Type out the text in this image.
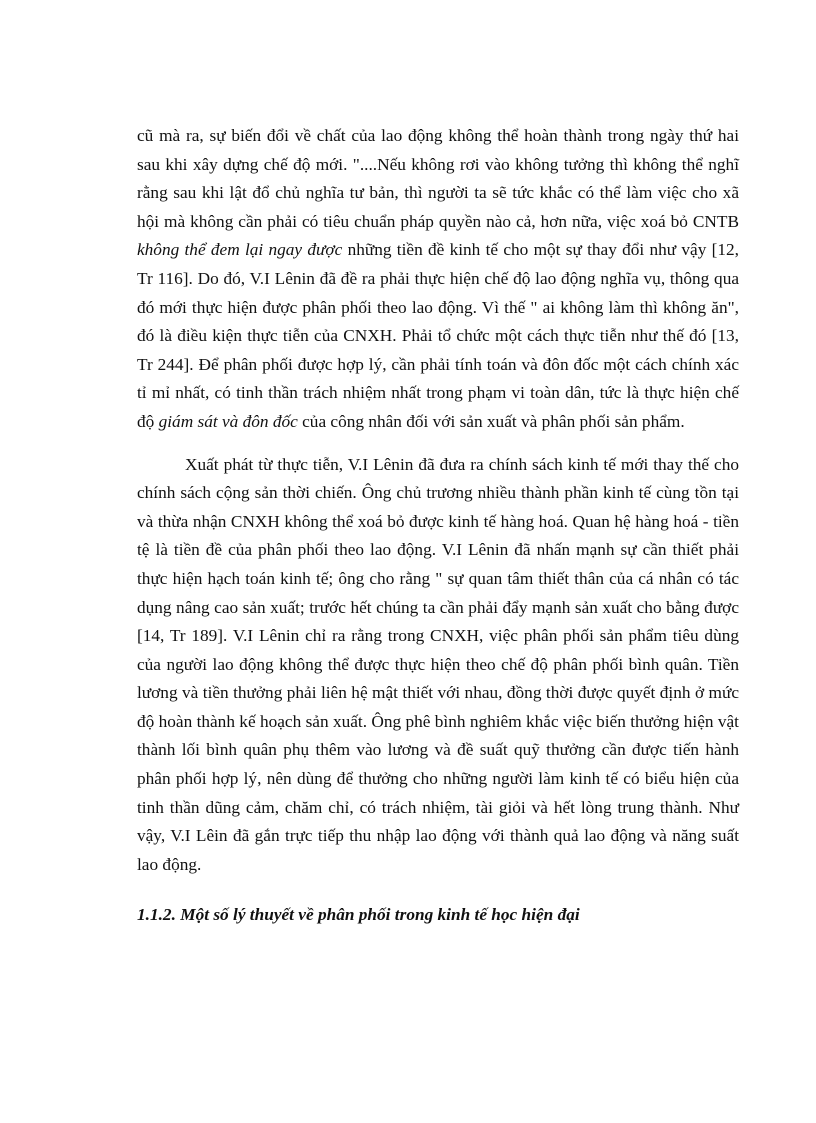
cũ mà ra, sự biến đổi về chất của lao động không thể hoàn thành trong ngày thứ hai sau khi xây dựng chế độ mới. "....Nếu không rơi vào không tưởng thì không thể nghĩ rằng sau khi lật đổ chủ nghĩa tư bản, thì người ta sẽ tức khắc có thể làm việc cho xã hội mà không cần phải có tiêu chuẩn pháp quyền nào cả, hơn nữa, việc xoá bỏ CNTB không thể đem lại ngay được những tiền đề kinh tế cho một sự thay đổi như vậy [12, Tr 116]. Do đó, V.I Lênin đã đề ra phải thực hiện chế độ lao động nghĩa vụ, thông qua đó mới thực hiện được phân phối theo lao động. Vì thế " ai không làm thì không ăn", đó là điều kiện thực tiễn của CNXH. Phải tổ chức một cách thực tiễn như thế đó [13, Tr 244]. Để phân phối được hợp lý, cần phải tính toán và đôn đốc một cách chính xác tỉ mỉ nhất, có tinh thần trách nhiệm nhất trong phạm vi toàn dân, tức là thực hiện chế độ giám sát và đôn đốc của công nhân đối với sản xuất và phân phối sản phẩm.

Xuất phát từ thực tiễn, V.I Lênin đã đưa ra chính sách kinh tế mới thay thế cho chính sách cộng sản thời chiến. Ông chủ trương nhiều thành phần kinh tế cùng tồn tại và thừa nhận CNXH không thể xoá bỏ được kinh tế hàng hoá. Quan hệ hàng hoá - tiền tệ là tiền đề của phân phối theo lao động. V.I Lênin đã nhấn mạnh sự cần thiết phải thực hiện hạch toán kinh tế; ông cho rằng " sự quan tâm thiết thân của cá nhân có tác dụng nâng cao sản xuất; trước hết chúng ta cần phải đẩy mạnh sản xuất cho bằng được [14, Tr 189]. V.I Lênin chỉ ra rằng trong CNXH, việc phân phối sản phẩm tiêu dùng của người lao động không thể được thực hiện theo chế độ phân phối bình quân. Tiền lương và tiền thưởng phải liên hệ mật thiết với nhau, đồng thời được quyết định ở mức độ hoàn thành kế hoạch sản xuất. Ông phê bình nghiêm khắc việc biến thưởng hiện vật thành lối bình quân phụ thêm vào lương và đề suất quỹ thưởng cần được tiến hành phân phối hợp lý, nên dùng để thưởng cho những người làm kinh tế có biểu hiện của tinh thần dũng cảm, chăm chỉ, có trách nhiệm, tài giỏi và hết lòng trung thành. Như vậy, V.I Lêin đã gắn trực tiếp thu nhập lao động với thành quả lao động và năng suất lao động.

1.1.2. Một số lý thuyết về phân phối trong kinh tế học hiện đại
